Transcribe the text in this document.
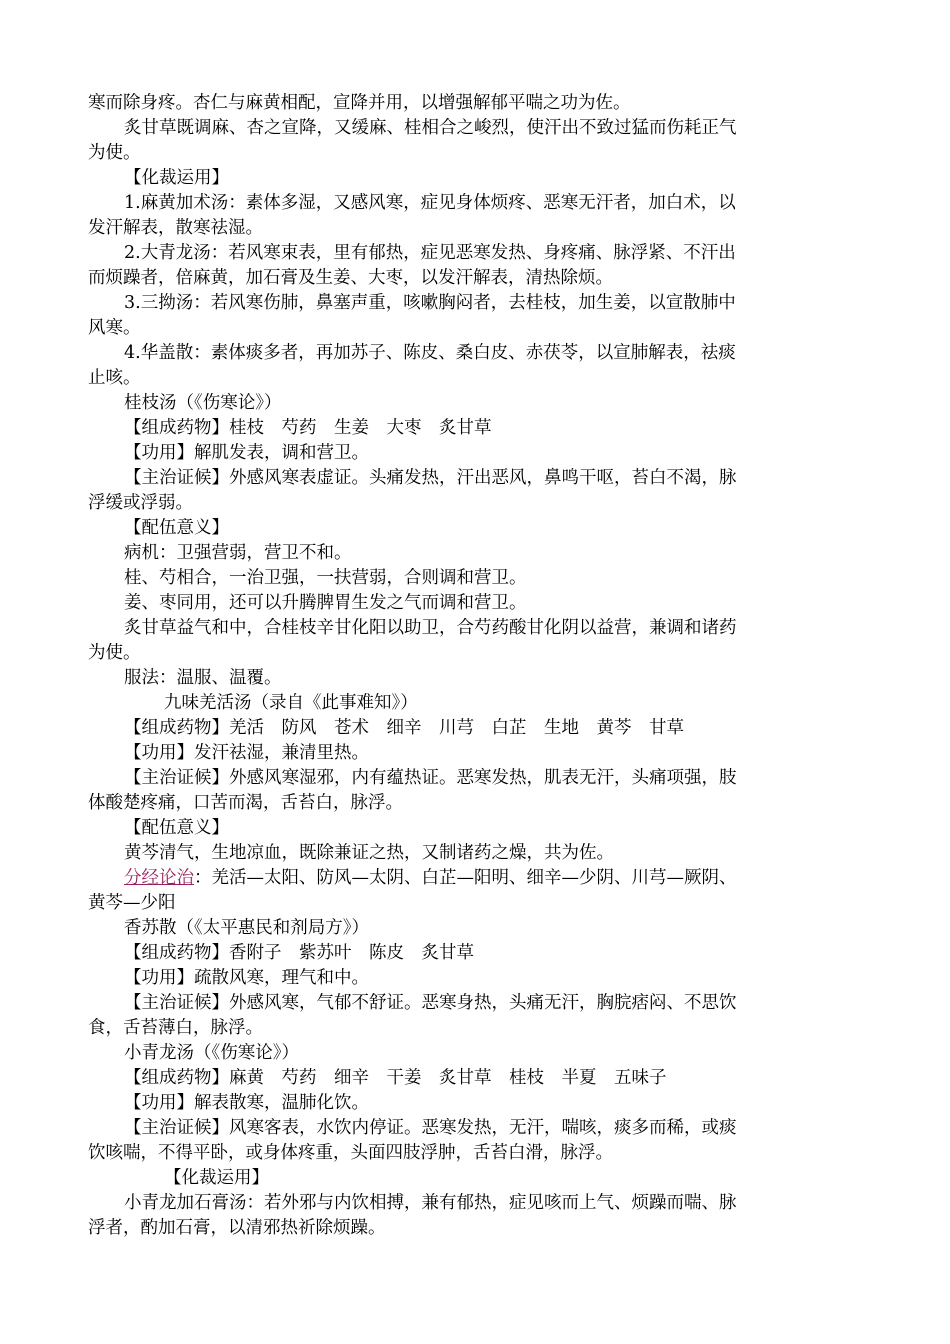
寒而除身疼。杏仁与麻黄相配，宣降并用，以增强解郁平喘之功为佐。

炙甘草既调麻、杏之宣降，又缓麻、桂相合之峻烈，使汗出不致过猛而伤耗正气

为使。

【化裁运用】

1.麻黄加术汤：素体多湿，又感风寒，症见身体烦疼、恶寒无汗者，加白术，以

发汗解表，散寒祛湿。

2.大青龙汤：若风寒束表，里有郁热，症见恶寒发热、身疼痛、脉浮紧、不汗出

而烦躁者，倍麻黄，加石膏及生姜、大枣，以发汗解表，清热除烦。

3.三拗汤：若风寒伤肺，鼻塞声重，咳嗽胸闷者，去桂枝，加生姜，以宣散肺中

风寒。

4.华盖散：素体痰多者，再加苏子、陈皮、桑白皮、赤茯苓，以宣肺解表，祛痰

止咳。

桂枝汤（《伤寒论》）

【组成药物】桂枝　芍药　生姜　大枣　炙甘草

【功用】解肌发表，调和营卫。

【主治证候】外感风寒表虚证。头痛发热，汗出恶风，鼻鸣干呕，苔白不渴，脉

浮缓或浮弱。

【配伍意义】

病机：卫强营弱，营卫不和。

桂、芍相合，一治卫强，一扶营弱，合则调和营卫。

姜、枣同用，还可以升腾脾胃生发之气而调和营卫。

炙甘草益气和中，合桂枝辛甘化阳以助卫，合芍药酸甘化阴以益营，兼调和诸药

为使。

服法：温服、温覆。

九味羌活汤（录自《此事难知》）

【组成药物】羌活　防风　苍术　细辛　川芎　白芷　生地　黄芩　甘草

【功用】发汗祛湿，兼清里热。

【主治证候】外感风寒湿邪，内有蕴热证。恶寒发热，肌表无汗，头痛项强，肢

体酸楚疼痛，口苦而渴，舌苔白，脉浮。

【配伍意义】

黄芩清气，生地凉血，既除兼证之热，又制诸药之燥，共为佐。

分经论治：羌活—太阳、防风—太阴、白芷—阳明、细辛—少阴、川芎—厥阴、

黄芩—少阳

香苏散（《太平惠民和剂局方》）

【组成药物】香附子　紫苏叶　陈皮　炙甘草

【功用】疏散风寒，理气和中。

【主治证候】外感风寒，气郁不舒证。恶寒身热，头痛无汗，胸脘痞闷、不思饮

食，舌苔薄白，脉浮。

小青龙汤（《伤寒论》）

【组成药物】麻黄　芍药　细辛　干姜　炙甘草　桂枝　半夏　五味子

【功用】解表散寒，温肺化饮。

【主治证候】风寒客表，水饮内停证。恶寒发热，无汗，喘咳，痰多而稀，或痰

饮咳喘，不得平卧，或身体疼重，头面四肢浮肿，舌苔白滑，脉浮。

【化裁运用】

小青龙加石膏汤：若外邪与内饮相搏，兼有郁热，症见咳而上气、烦躁而喘、脉

浮者，酌加石膏，以清邪热祈除烦躁。
